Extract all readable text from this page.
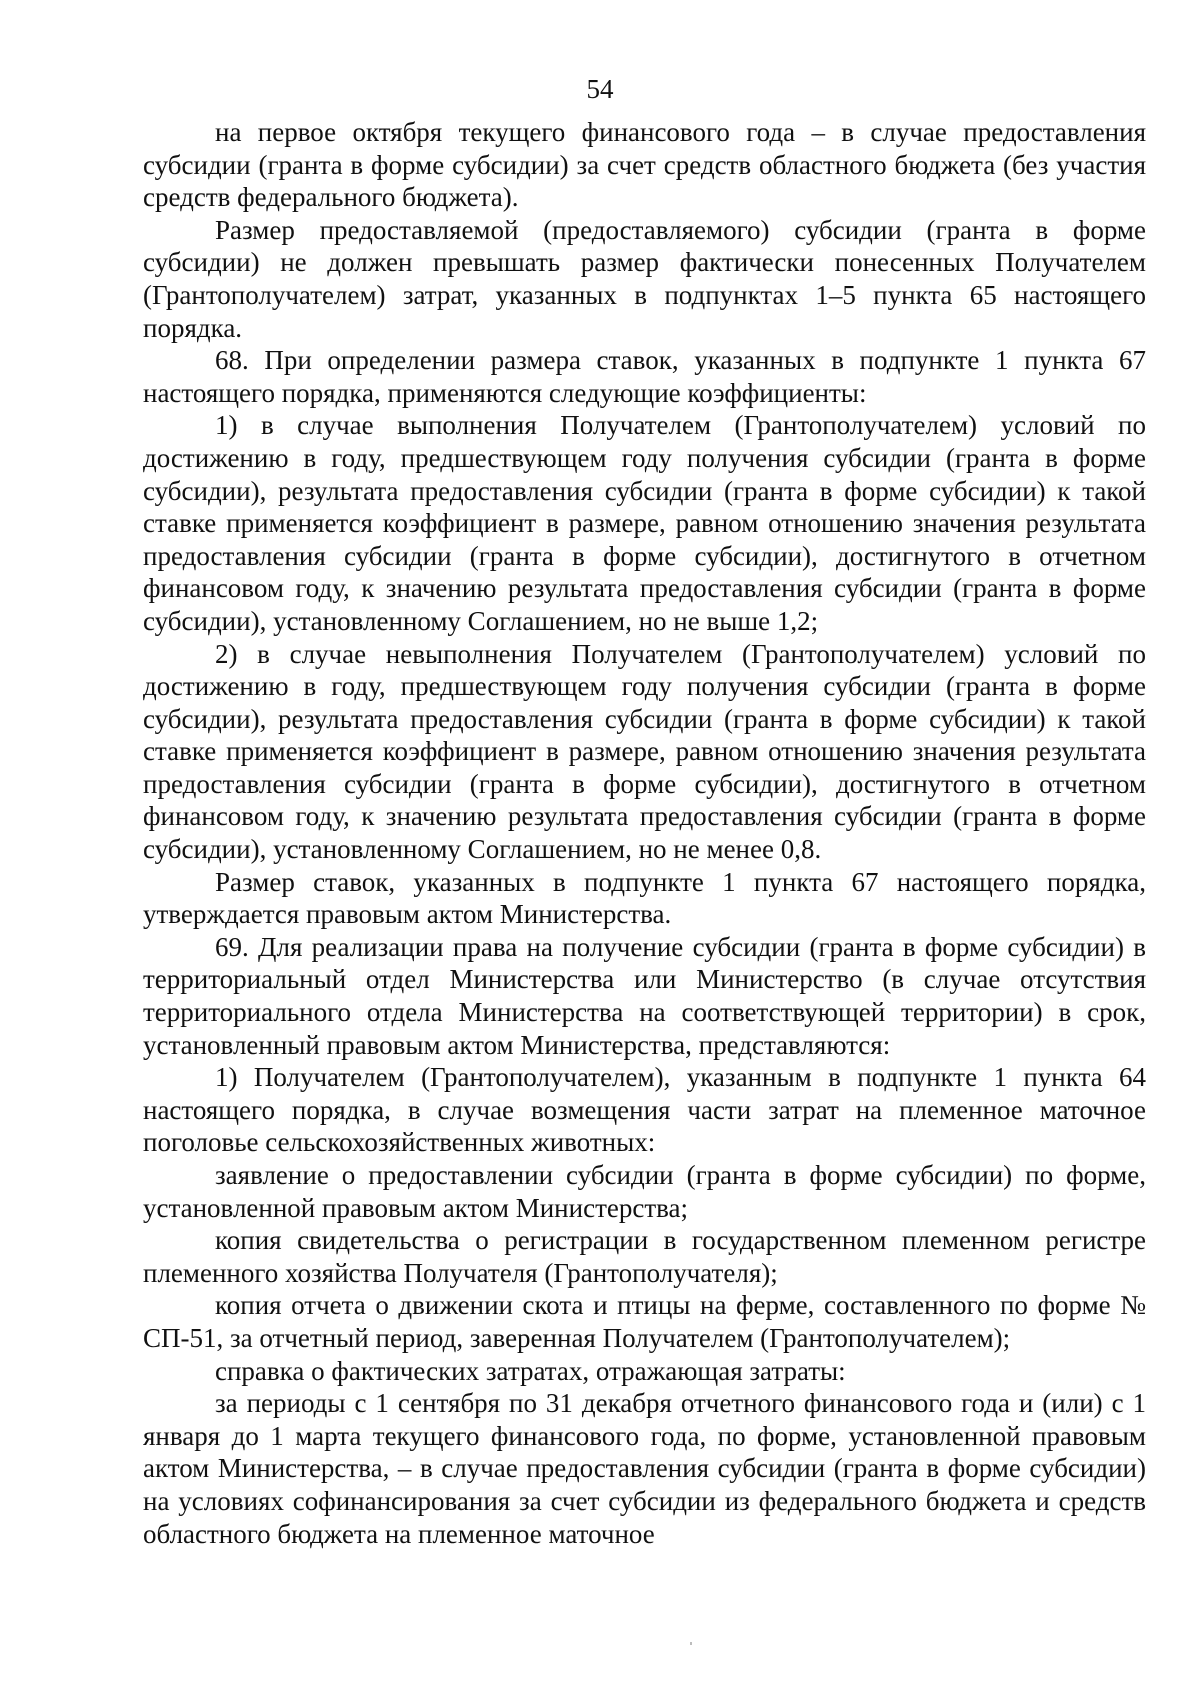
54

на первое октября текущего финансового года – в случае предоставления субсидии (гранта в форме субсидии) за счет средств областного бюджета (без участия средств федерального бюджета).

Размер предоставляемой (предоставляемого) субсидии (гранта в форме субсидии) не должен превышать размер фактически понесенных Получателем (Грантополучателем) затрат, указанных в подпунктах 1–5 пункта 65 настоящего порядка.

68. При определении размера ставок, указанных в подпункте 1 пункта 67 настоящего порядка, применяются следующие коэффициенты:

1) в случае выполнения Получателем (Грантополучателем) условий по достижению в году, предшествующем году получения субсидии (гранта в форме субсидии), результата предоставления субсидии (гранта в форме субсидии) к такой ставке применяется коэффициент в размере, равном отношению значения результата предоставления субсидии (гранта в форме субсидии), достигнутого в отчетном финансовом году, к значению результата предоставления субсидии (гранта в форме субсидии), установленному Соглашением, но не выше 1,2;

2) в случае невыполнения Получателем (Грантополучателем) условий по достижению в году, предшествующем году получения субсидии (гранта в форме субсидии), результата предоставления субсидии (гранта в форме субсидии) к такой ставке применяется коэффициент в размере, равном отношению значения результата предоставления субсидии (гранта в форме субсидии), достигнутого в отчетном финансовом году, к значению результата предоставления субсидии (гранта в форме субсидии), установленному Соглашением, но не менее 0,8.

Размер ставок, указанных в подпункте 1 пункта 67 настоящего порядка, утверждается правовым актом Министерства.

69. Для реализации права на получение субсидии (гранта в форме субсидии) в территориальный отдел Министерства или Министерство (в случае отсутствия территориального отдела Министерства на соответствующей территории) в срок, установленный правовым актом Министерства, представляются:

1) Получателем (Грантополучателем), указанным в подпункте 1 пункта 64 настоящего порядка, в случае возмещения части затрат на племенное маточное поголовье сельскохозяйственных животных:

заявление о предоставлении субсидии (гранта в форме субсидии) по форме, установленной правовым актом Министерства;

копия свидетельства о регистрации в государственном племенном регистре племенного хозяйства Получателя (Грантополучателя);

копия отчета о движении скота и птицы на ферме, составленного по форме № СП-51, за отчетный период, заверенная Получателем (Грантополучателем);

справка о фактических затратах, отражающая затраты:

за периоды с 1 сентября по 31 декабря отчетного финансового года и (или) с 1 января до 1 марта текущего финансового года, по форме, установленной правовым актом Министерства, – в случае предоставления субсидии (гранта в форме субсидии) на условиях софинансирования за счет субсидии из федерального бюджета и средств областного бюджета на племенное маточное
